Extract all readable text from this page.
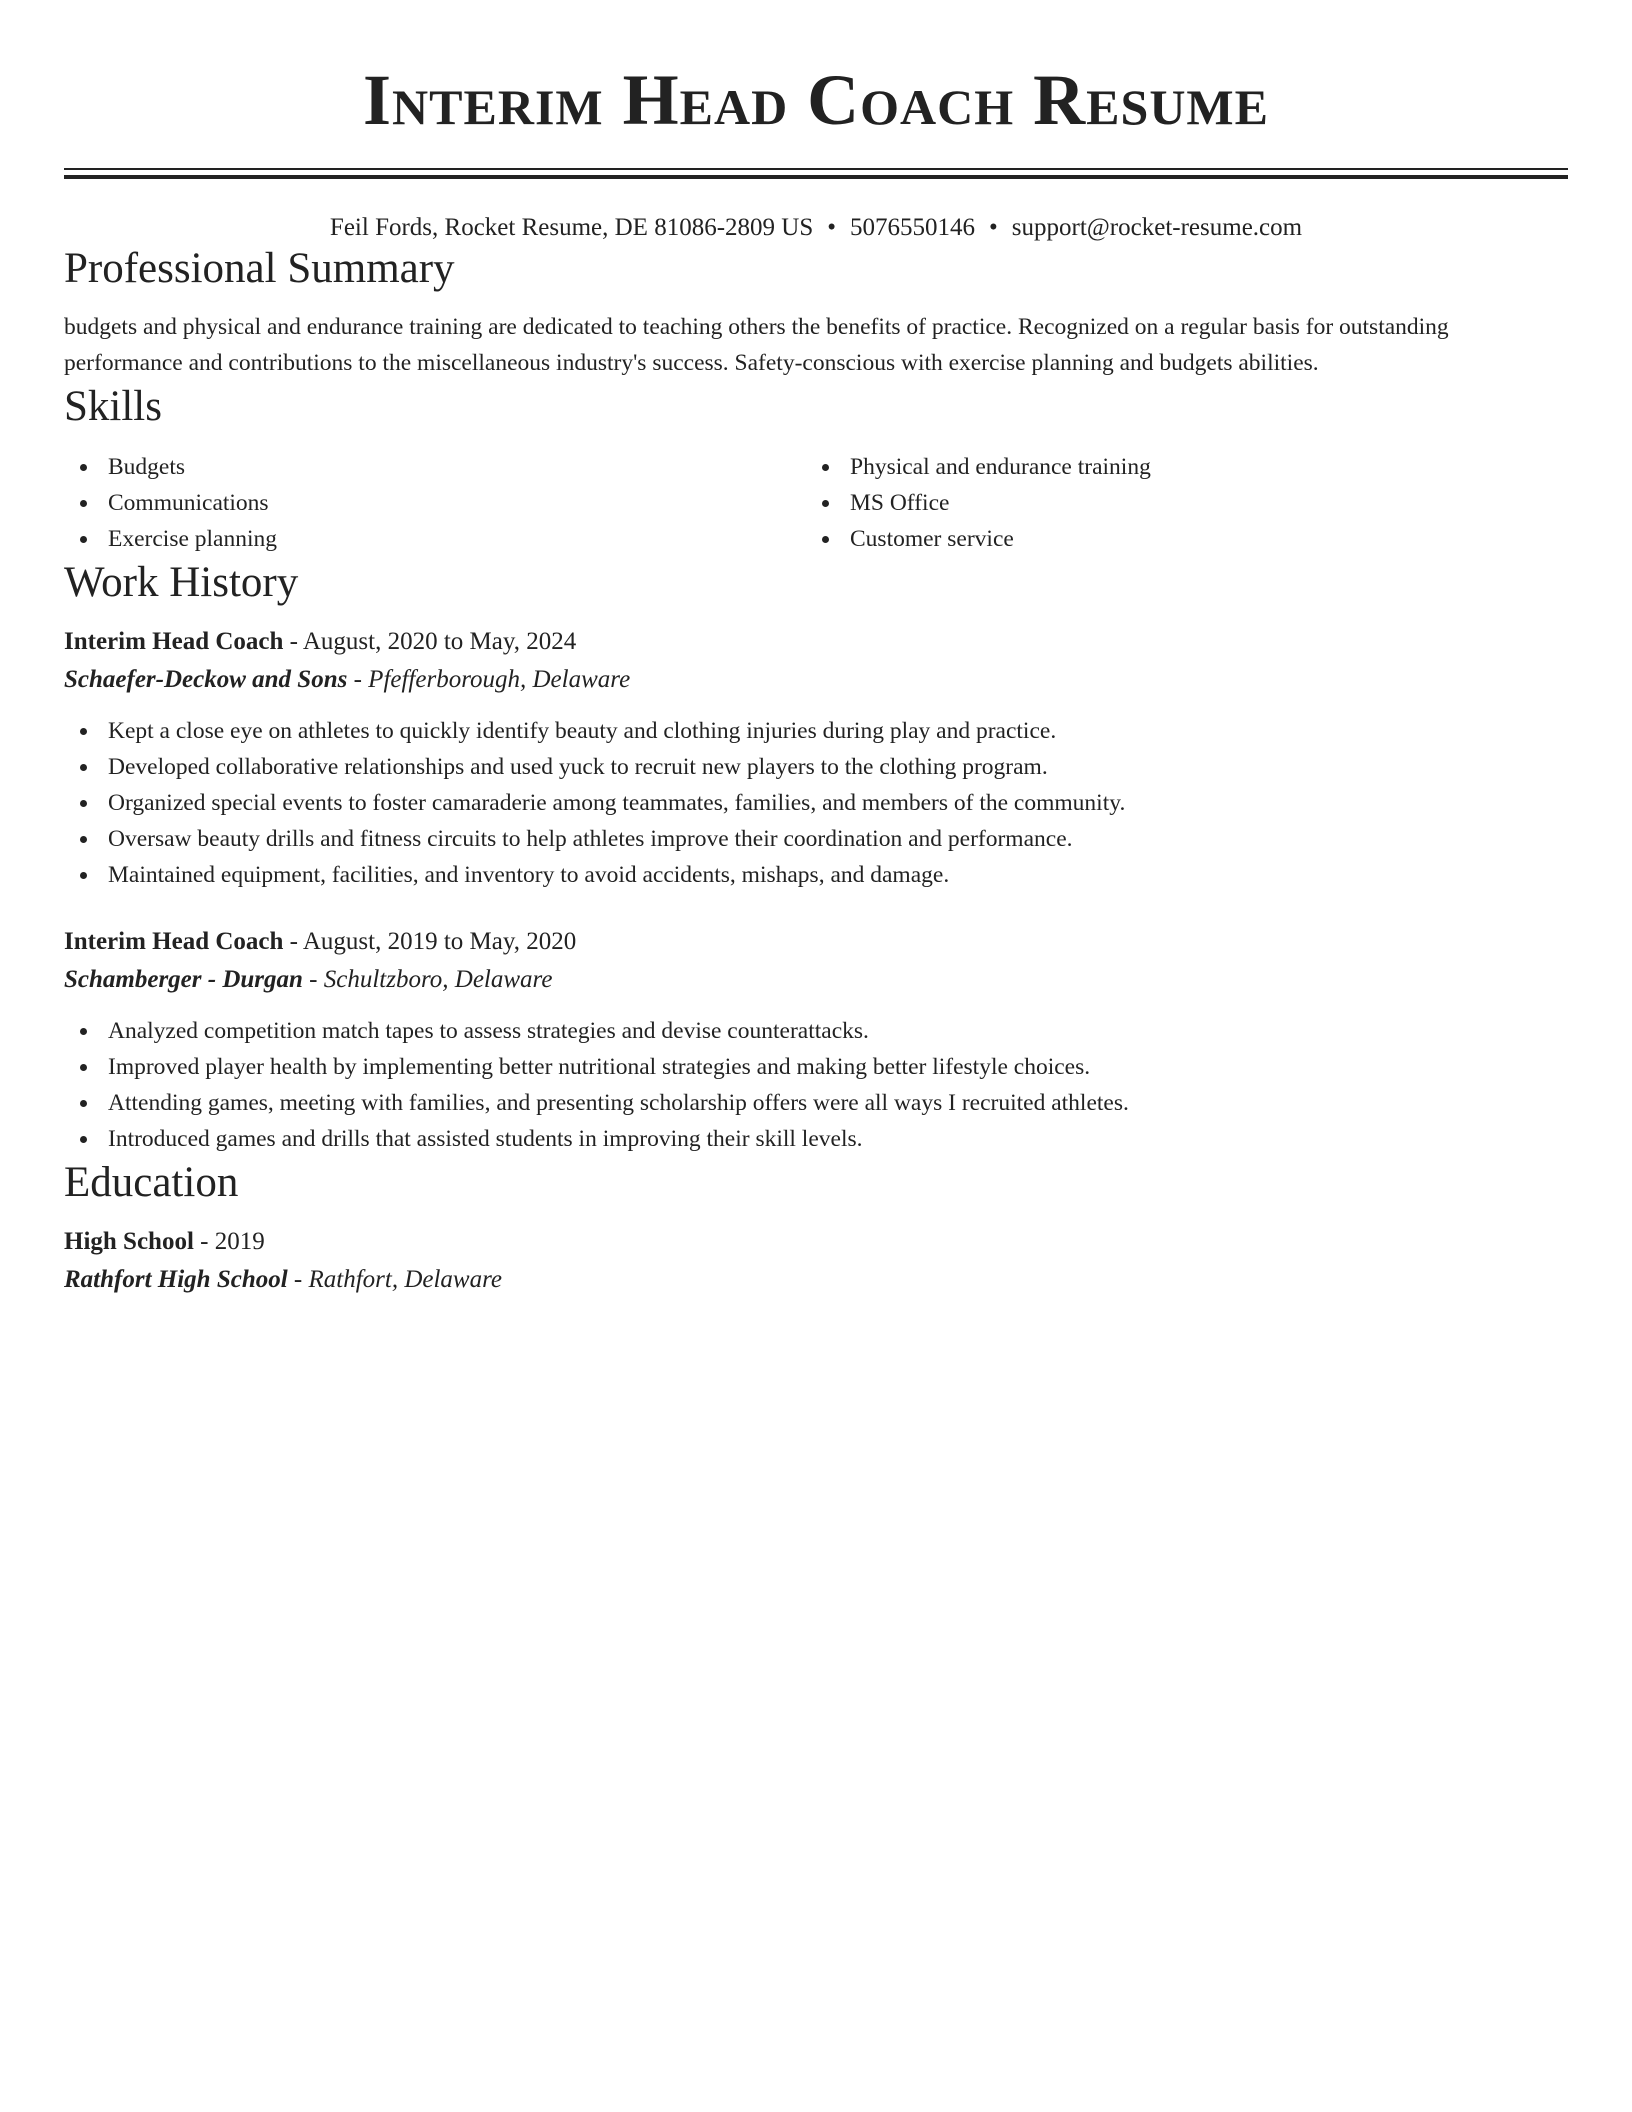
Interim Head Coach Resume
Feil Fords, Rocket Resume, DE 81086-2809 US • 5076550146 • support@rocket-resume.com
Professional Summary

budgets and physical and endurance training are dedicated to teaching others the benefits of practice. Recognized on a regular basis for outstanding performance and contributions to the miscellaneous industry's success. Safety-conscious with exercise planning and budgets abilities.

Skills
Budgets
Communications
Exercise planning
Physical and endurance training
MS Office
Customer service
Work History
Interim Head Coach - August, 2020 to May, 2024
Schaefer-Deckow and Sons - Pfefferborough, Delaware
Kept a close eye on athletes to quickly identify beauty and clothing injuries during play and practice.
Developed collaborative relationships and used yuck to recruit new players to the clothing program.
Organized special events to foster camaraderie among teammates, families, and members of the community.
Oversaw beauty drills and fitness circuits to help athletes improve their coordination and performance.
Maintained equipment, facilities, and inventory to avoid accidents, mishaps, and damage.
Interim Head Coach - August, 2019 to May, 2020
Schamberger - Durgan - Schultzboro, Delaware
Analyzed competition match tapes to assess strategies and devise counterattacks.
Improved player health by implementing better nutritional strategies and making better lifestyle choices.
Attending games, meeting with families, and presenting scholarship offers were all ways I recruited athletes.
Introduced games and drills that assisted students in improving their skill levels.
Education
High School - 2019
Rathfort High School - Rathfort, Delaware
